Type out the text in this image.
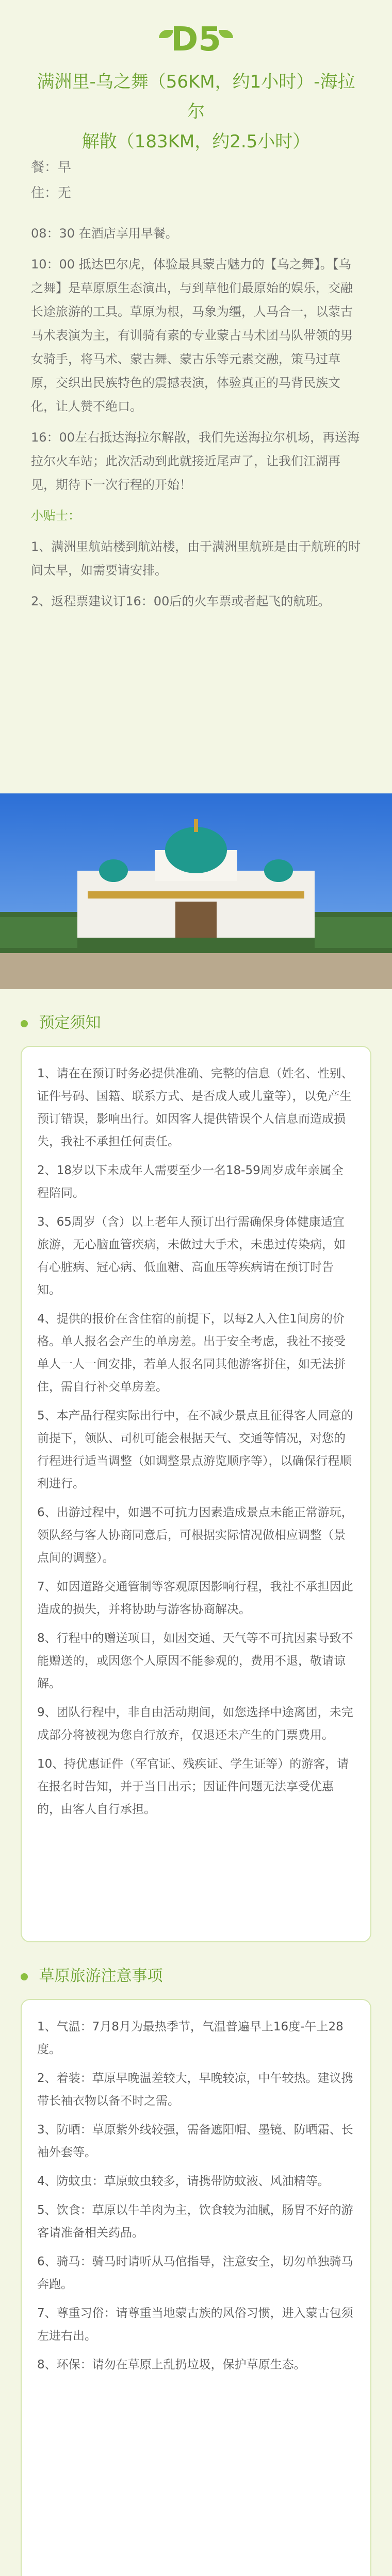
D5
满洲里-乌之舞（56KM，约1小时）-海拉尔
解散（183KM，约2.5小时）
餐：早
住：无

08：30 在酒店享用早餐。

10：00 抵达巴尔虎，体验最具蒙古魅力的【乌之舞】。【乌之舞】是草原原生态演出，与到草他们最原始的娱乐，交融长途旅游的工具。草原为根，马象为缰，人马合一，以蒙古马术表演为主，有训骑有素的专业蒙古马术团马队带领的男女骑手，将马术、蒙古舞、蒙古乐等元素交融，策马过草原，交织出民族特色的震撼表演，体验真正的马背民族文化，让人赞不绝口。

16：00左右抵达海拉尔解散，我们先送海拉尔机场，再送海拉尔火车站；此次活动到此就接近尾声了，让我们江湖再见，期待下一次行程的开始！

小贴士：

1、满洲里航站楼到航站楼，由于满洲里航班是由于航班的时间太早，如需要请安排。

2、返程票建议订16：00后的火车票或者起飞的航班。

预定须知

1、请在在预订时务必提供准确、完整的信息（姓名、性别、证件号码、国籍、联系方式、是否成人或儿童等），以免产生预订错误，影响出行。如因客人提供错误个人信息而造成损失，我社不承担任何责任。

2、18岁以下未成年人需要至少一名18-59周岁成年亲属全程陪同。

3、65周岁（含）以上老年人预订出行需确保身体健康适宜旅游，无心脑血管疾病，未做过大手术，未患过传染病，如有心脏病、冠心病、低血糖、高血压等疾病请在预订时告知。

4、提供的报价在含住宿的前提下，以每2人入住1间房的价格。单人报名会产生的单房差。出于安全考虑，我社不接受单人一人一间安排，若单人报名同其他游客拼住，如无法拼住，需自行补交单房差。

5、本产品行程实际出行中，在不减少景点且征得客人同意的前提下，领队、司机可能会根据天气、交通等情况，对您的行程进行适当调整（如调整景点游览顺序等），以确保行程顺利进行。

6、出游过程中，如遇不可抗力因素造成景点未能正常游玩，领队经与客人协商同意后，可根据实际情况做相应调整（景点间的调整）。

7、如因道路交通管制等客观原因影响行程，我社不承担因此造成的损失，并将协助与游客协商解决。

8、行程中的赠送项目，如因交通、天气等不可抗因素导致不能赠送的，或因您个人原因不能参观的，费用不退，敬请谅解。

9、团队行程中，非自由活动期间，如您选择中途离团，未完成部分将被视为您自行放弃，仅退还未产生的门票费用。

10、持优惠证件（军官证、残疾证、学生证等）的游客，请在报名时告知，并于当日出示；因证件问题无法享受优惠的，由客人自行承担。

草原旅游注意事项

1、气温：7月8月为最热季节，气温普遍早上16度-午上28度。

2、着装：草原早晚温差较大，早晚较凉，中午较热。建议携带长袖衣物以备不时之需。

3、防晒：草原紫外线较强，需备遮阳帽、墨镜、防晒霜、长袖外套等。

4、防蚊虫：草原蚊虫较多，请携带防蚊液、风油精等。

5、饮食：草原以牛羊肉为主，饮食较为油腻，肠胃不好的游客请准备相关药品。

6、骑马：骑马时请听从马倌指导，注意安全，切勿单独骑马奔跑。

7、尊重习俗：请尊重当地蒙古族的风俗习惯，进入蒙古包须左进右出。

8、环保：请勿在草原上乱扔垃圾，保护草原生态。
